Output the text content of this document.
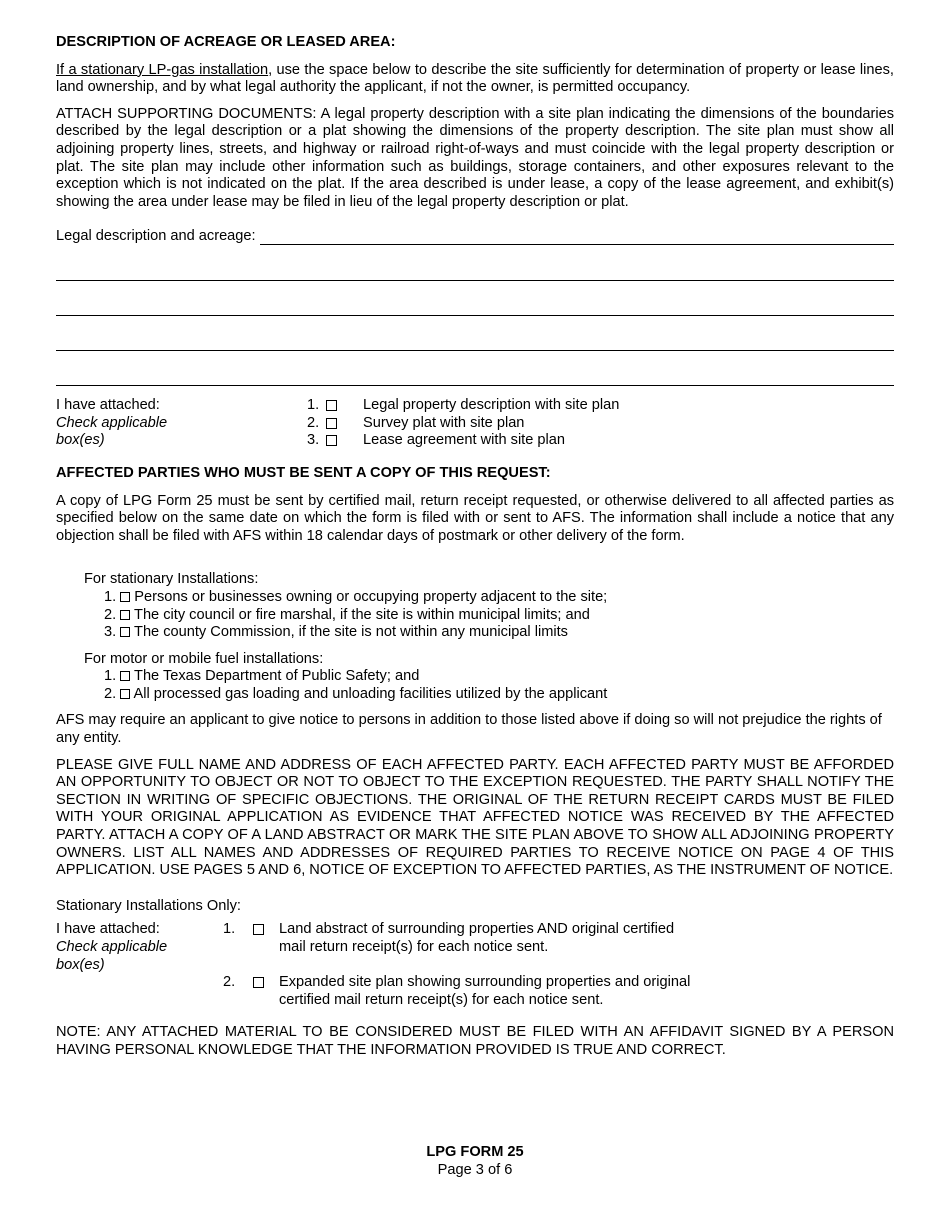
DESCRIPTION OF ACREAGE OR LEASED AREA:

If a stationary LP-gas installation, use the space below to describe the site sufficiently for determination of property or lease lines, land ownership, and by what legal authority the applicant, if not the owner, is permitted occupancy.

ATTACH SUPPORTING DOCUMENTS: A legal property description with a site plan indicating the dimensions of the boundaries described by the legal description or a plat showing the dimensions of the property description. The site plan must show all adjoining property lines, streets, and highway or railroad right-of-ways and must coincide with the legal property description or plat. The site plan may include other information such as buildings, storage containers, and other exposures relevant to the exception which is not indicated on the plat. If the area described is under lease, a copy of the lease agreement, and exhibit(s) showing the area under lease may be filed in lieu of the legal property description or plat.

Legal description and acreage:
I have attached:
Check applicable
box(es)
1.	Legal property description with site plan
2.	Survey plat with site plan
3.	Lease agreement with site plan
AFFECTED PARTIES WHO MUST BE SENT A COPY OF THIS REQUEST:

A copy of LPG Form 25 must be sent by certified mail, return receipt requested, or otherwise delivered to all affected parties as specified below on the same date on which the form is filed with or sent to AFS. The information shall include a notice that any objection shall be filed with AFS within 18 calendar days of postmark or other delivery of the form.

For stationary Installations:
1. Persons or businesses owning or occupying property adjacent to the site;
2. The city council or fire marshal, if the site is within municipal limits; and
3. The county Commission, if the site is not within any municipal limits
For motor or mobile fuel installations:
1. The Texas Department of Public Safety; and
2. All processed gas loading and unloading facilities utilized by the applicant

AFS may require an applicant to give notice to persons in addition to those listed above if doing so will not prejudice the rights of any entity.

PLEASE GIVE FULL NAME AND ADDRESS OF EACH AFFECTED PARTY. EACH AFFECTED PARTY MUST BE AFFORDED AN OPPORTUNITY TO OBJECT OR NOT TO OBJECT TO THE EXCEPTION REQUESTED. THE PARTY SHALL NOTIFY THE SECTION IN WRITING OF SPECIFIC OBJECTIONS. THE ORIGINAL OF THE RETURN RECEIPT CARDS MUST BE FILED WITH YOUR ORIGINAL APPLICATION AS EVIDENCE THAT AFFECTED NOTICE WAS RECEIVED BY THE AFFECTED PARTY. ATTACH A COPY OF A LAND ABSTRACT OR MARK THE SITE PLAN ABOVE TO SHOW ALL ADJOINING PROPERTY OWNERS. LIST ALL NAMES AND ADDRESSES OF REQUIRED PARTIES TO RECEIVE NOTICE ON PAGE 4 OF THIS APPLICATION. USE PAGES 5 AND 6, NOTICE OF EXCEPTION TO AFFECTED PARTIES, AS THE INSTRUMENT OF NOTICE.

Stationary Installations Only:
I have attached:
Check applicable
box(es)
1.	Land abstract of surrounding properties AND original certified
mail return receipt(s) for each notice sent.
2.	Expanded site plan showing surrounding properties and original
certified mail return receipt(s) for each notice sent.

NOTE: ANY ATTACHED MATERIAL TO BE CONSIDERED MUST BE FILED WITH AN AFFIDAVIT SIGNED BY A PERSON HAVING PERSONAL KNOWLEDGE THAT THE INFORMATION PROVIDED IS TRUE AND CORRECT.

LPG FORM 25
Page 3 of 6
